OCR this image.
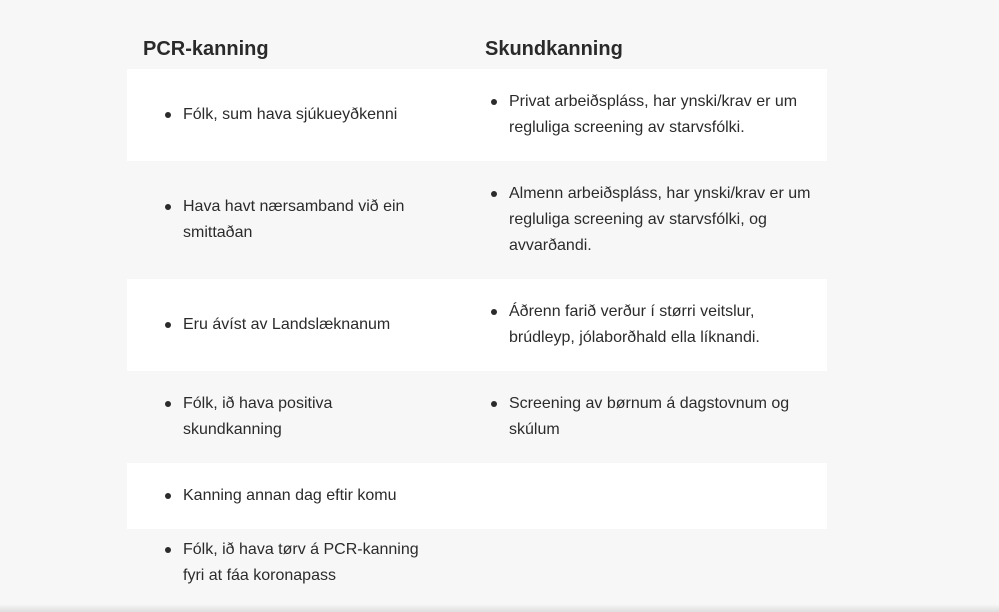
PCR-kanning	Skundkanning
Fólk, sum hava sjúkueyðkenni
Privat arbeiðspláss, har ynski/krav er um regluliga screening av starvsfólki.
Hava havt nærsamband við ein smittaðan
Almenn arbeiðspláss, har ynski/krav er um regluliga screening av starvsfólki, og avvarðandi.
Eru ávíst av Landslæknanum
Áðrenn farið verður í størri veitslur, brúdleyp, jólaborðhald ella líknandi.
Fólk, ið hava positiva skundkanning
Screening av børnum á dagstovnum og skúlum
Kanning annan dag eftir komu
Fólk, ið hava tørv á PCR-kanning fyri at fáa koronapass
